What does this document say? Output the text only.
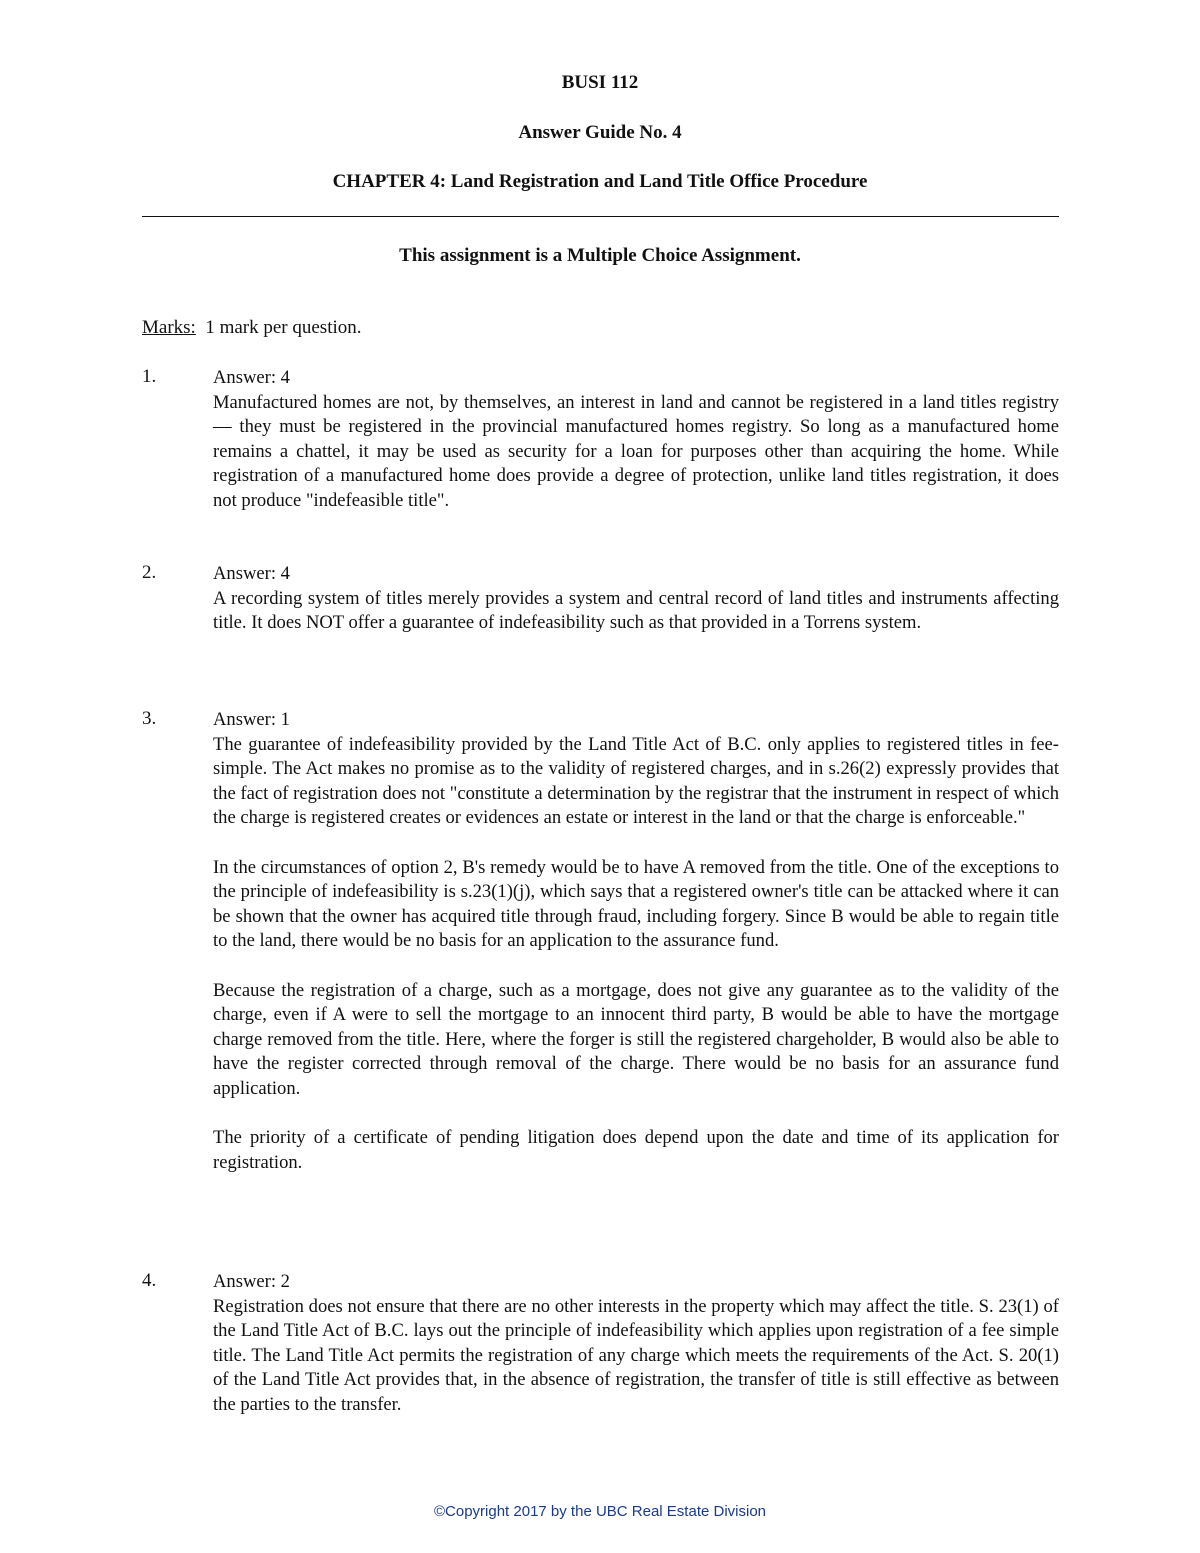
BUSI 112
Answer Guide No. 4
CHAPTER 4: Land Registration and Land Title Office Procedure
This assignment is a Multiple Choice Assignment.
Marks: 1 mark per question.
1.	Answer: 4

Manufactured homes are not, by themselves, an interest in land and cannot be registered in a land titles registry — they must be registered in the provincial manufactured homes registry. So long as a manufactured home remains a chattel, it may be used as security for a loan for purposes other than acquiring the home. While registration of a manufactured home does provide a degree of protection, unlike land titles registration, it does not produce "indefeasible title".

2.	Answer: 4

A recording system of titles merely provides a system and central record of land titles and instruments affecting title. It does NOT offer a guarantee of indefeasibility such as that provided in a Torrens system.

3.	Answer: 1

The guarantee of indefeasibility provided by the Land Title Act of B.C. only applies to registered titles in fee-simple. The Act makes no promise as to the validity of registered charges, and in s.26(2) expressly provides that the fact of registration does not "constitute a determination by the registrar that the instrument in respect of which the charge is registered creates or evidences an estate or interest in the land or that the charge is enforceable."

In the circumstances of option 2, B's remedy would be to have A removed from the title. One of the exceptions to the principle of indefeasibility is s.23(1)(j), which says that a registered owner's title can be attacked where it can be shown that the owner has acquired title through fraud, including forgery. Since B would be able to regain title to the land, there would be no basis for an application to the assurance fund.

Because the registration of a charge, such as a mortgage, does not give any guarantee as to the validity of the charge, even if A were to sell the mortgage to an innocent third party, B would be able to have the mortgage charge removed from the title. Here, where the forger is still the registered chargeholder, B would also be able to have the register corrected through removal of the charge. There would be no basis for an assurance fund application.

The priority of a certificate of pending litigation does depend upon the date and time of its application for registration.

4.	Answer: 2

Registration does not ensure that there are no other interests in the property which may affect the title. S. 23(1) of the Land Title Act of B.C. lays out the principle of indefeasibility which applies upon registration of a fee simple title. The Land Title Act permits the registration of any charge which meets the requirements of the Act. S. 20(1) of the Land Title Act provides that, in the absence of registration, the transfer of title is still effective as between the parties to the transfer.

©Copyright 2017 by the UBC Real Estate Division
